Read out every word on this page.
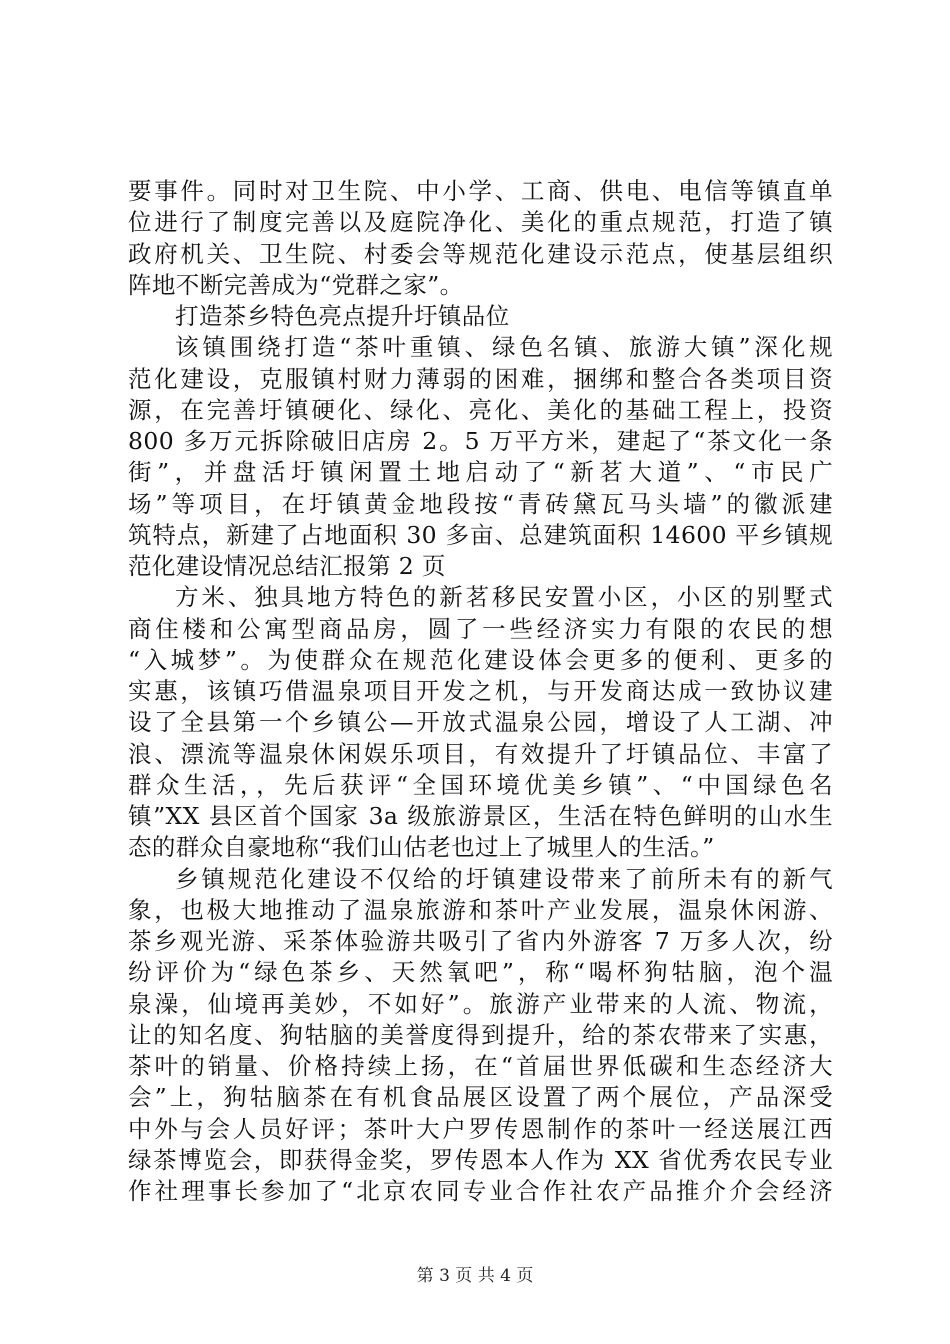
要事件。同时对卫生院、中小学、工商、供电、电信等镇直单
位进行了制度完善以及庭院净化、美化的重点规范，打造了镇
政府机关、卫生院、村委会等规范化建设示范点，使基层组织
阵地不断完善成为“党群之家”。
打造茶乡特色亮点提升圩镇品位
该镇围绕打造“茶叶重镇、绿色名镇、旅游大镇”深化规
范化建设，克服镇村财力薄弱的困难，捆绑和整合各类项目资
源，在完善圩镇硬化、绿化、亮化、美化的基础工程上，投资
800 多万元拆除破旧店房 2。5 万平方米，建起了“茶文化一条
街”，并盘活圩镇闲置土地启动了“新茗大道”、“市民广
场”等项目，在圩镇黄金地段按“青砖黛瓦马头墙”的徽派建
筑特点，新建了占地面积 30 多亩、总建筑面积 14600 平乡镇规
范化建设情况总结汇报第 2 页
方米、独具地方特色的新茗移民安置小区，小区的别墅式
商住楼和公寓型商品房，圆了一些经济实力有限的农民的想
“入城梦”。为使群众在规范化建设体会更多的便利、更多的
实惠，该镇巧借温泉项目开发之机，与开发商达成一致协议建
设了全县第一个乡镇公—开放式温泉公园，增设了人工湖、冲
浪、漂流等温泉休闲娱乐项目，有效提升了圩镇品位、丰富了
群众生活，，先后获评“全国环境优美乡镇”、“中国绿色名
镇”XX 县区首个国家 3a 级旅游景区，生活在特色鲜明的山水生
态的群众自豪地称“我们山估老也过上了城里人的生活。”
乡镇规范化建设不仅给的圩镇建设带来了前所未有的新气
象，也极大地推动了温泉旅游和茶叶产业发展，温泉休闲游、
茶乡观光游、采茶体验游共吸引了省内外游客 7 万多人次，纷
纷评价为“绿色茶乡、天然氧吧”，称“喝杯狗牯脑，泡个温
泉澡，仙境再美妙，不如好”。旅游产业带来的人流、物流，
让的知名度、狗牯脑的美誉度得到提升，给的茶农带来了实惠，
茶叶的销量、价格持续上扬，在“首届世界低碳和生态经济大
会”上，狗牯脑茶在有机食品展区设置了两个展位，产品深受
中外与会人员好评；茶叶大户罗传恩制作的茶叶一经送展江西
绿茶博览会，即获得金奖，罗传恩本人作为 XX 省优秀农民专业
作社理事长参加了“北京农同专业合作社农产品推介介会经济
第 3 页 共 4 页
